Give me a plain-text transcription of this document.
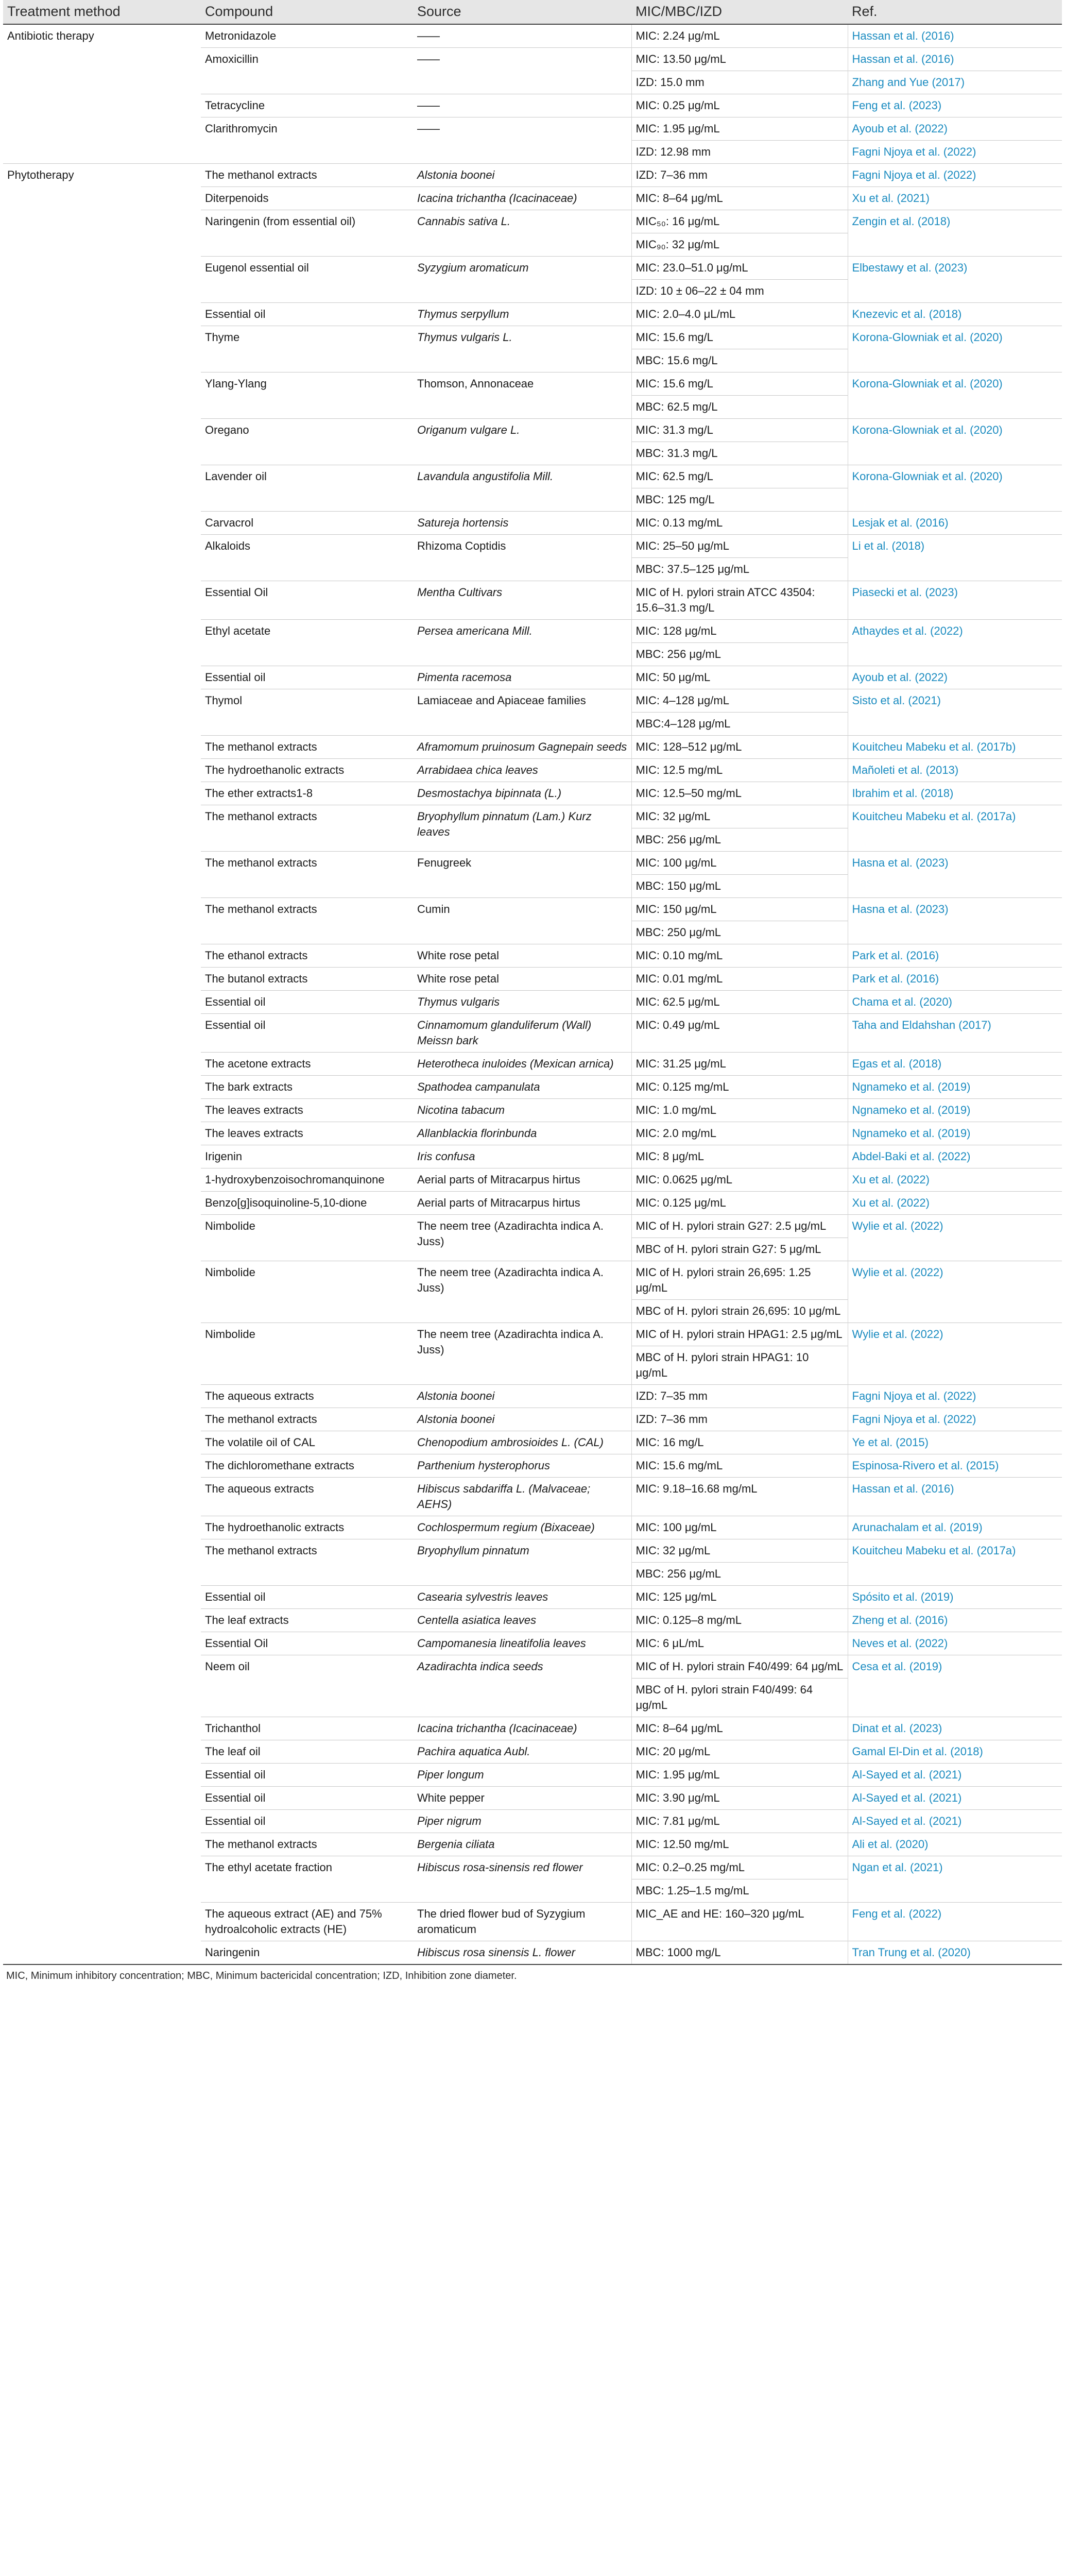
Treatment method	Compound	Source	MIC/MBC/IZD	Ref.
Antibiotic therapy	Metronidazole	——	MIC: 2.24 μg/mL	Hassan et al. (2016)
	Amoxicillin	——	MIC: 13.50 μg/mL	Hassan et al. (2016)
			IZD: 15.0 mm	Zhang and Yue (2017)
	Tetracycline	——	MIC: 0.25 μg/mL	Feng et al. (2023)
	Clarithromycin	——	MIC: 1.95 μg/mL	Ayoub et al. (2022)
			IZD: 12.98 mm	Fagni Njoya et al. (2022)
Phytotherapy	The methanol extracts	Alstonia boonei	IZD: 7–36 mm	Fagni Njoya et al. (2022)
	Diterpenoids	Icacina trichantha (Icacinaceae)	MIC: 8–64 μg/mL	Xu et al. (2021)
	Naringenin (from essential oil)	Cannabis sativa L.	MIC₅₀: 16 μg/mL	Zengin et al. (2018)
			MIC₉₀: 32 μg/mL	
	Eugenol essential oil	Syzygium aromaticum	MIC: 23.0–51.0 μg/mL	Elbestawy et al. (2023)
			IZD: 10 ± 06–22 ± 04 mm	
	Essential oil	Thymus serpyllum	MIC: 2.0–4.0 μL/mL	Knezevic et al. (2018)
	Thyme	Thymus vulgaris L.	MIC: 15.6 mg/L	Korona-Glowniak et al. (2020)
			MBC: 15.6 mg/L	
	Ylang-Ylang	Thomson, Annonaceae	MIC: 15.6 mg/L	Korona-Glowniak et al. (2020)
			MBC: 62.5 mg/L	
	Oregano	Origanum vulgare L.	MIC: 31.3 mg/L	Korona-Glowniak et al. (2020)
			MBC: 31.3 mg/L	
	Lavender oil	Lavandula angustifolia Mill.	MIC: 62.5 mg/L	Korona-Glowniak et al. (2020)
			MBC: 125 mg/L	
	Carvacrol	Satureja hortensis	MIC: 0.13 mg/mL	Lesjak et al. (2016)
	Alkaloids	Rhizoma Coptidis	MIC: 25–50 μg/mL	Li et al. (2018)
			MBC: 37.5–125 μg/mL	
	Essential Oil	Mentha Cultivars	MIC of H. pylori strain ATCC 43504: 15.6–31.3 mg/L	Piasecki et al. (2023)
	Ethyl acetate	Persea americana Mill.	MIC: 128 μg/mL	Athaydes et al. (2022)
			MBC: 256 μg/mL	
	Essential oil	Pimenta racemosa	MIC: 50 μg/mL	Ayoub et al. (2022)
	Thymol	Lamiaceae and Apiaceae families	MIC: 4–128 μg/mL	Sisto et al. (2021)
			MBC:4–128 μg/mL	
	The methanol extracts	Aframomum pruinosum Gagnepain seeds	MIC: 128–512 μg/mL	Kouitcheu Mabeku et al. (2017b)
	The hydroethanolic extracts	Arrabidaea chica leaves	MIC: 12.5 mg/mL	Mañoleti et al. (2013)
	The ether extracts1-8	Desmostachya bipinnata (L.)	MIC: 12.5–50 mg/mL	Ibrahim et al. (2018)
	The methanol extracts	Bryophyllum pinnatum (Lam.) Kurz leaves	MIC: 32 μg/mL	Kouitcheu Mabeku et al. (2017a)
			MBC: 256 μg/mL	
	The methanol extracts	Fenugreek	MIC: 100 μg/mL	Hasna et al. (2023)
			MBC: 150 μg/mL	
	The methanol extracts	Cumin	MIC: 150 μg/mL	Hasna et al. (2023)
			MBC: 250 μg/mL	
	The ethanol extracts	White rose petal	MIC: 0.10 mg/mL	Park et al. (2016)
	The butanol extracts	White rose petal	MIC: 0.01 mg/mL	Park et al. (2016)
	Essential oil	Thymus vulgaris	MIC: 62.5 μg/mL	Chama et al. (2020)
	Essential oil	Cinnamomum glanduliferum (Wall) Meissn bark	MIC: 0.49 μg/mL	Taha and Eldahshan (2017)
	The acetone extracts	Heterotheca inuloides (Mexican arnica)	MIC: 31.25 μg/mL	Egas et al. (2018)
	The bark extracts	Spathodea campanulata	MIC: 0.125 mg/mL	Ngnameko et al. (2019)
	The leaves extracts	Nicotina tabacum	MIC: 1.0 mg/mL	Ngnameko et al. (2019)
	The leaves extracts	Allanblackia florinbunda	MIC: 2.0 mg/mL	Ngnameko et al. (2019)
	Irigenin	Iris confusa	MIC: 8 μg/mL	Abdel-Baki et al. (2022)
	1-hydroxybenzoisochromanquinone	Aerial parts of Mitracarpus hirtus	MIC: 0.0625 μg/mL	Xu et al. (2022)
	Benzo[g]isoquinoline-5,10-dione	Aerial parts of Mitracarpus hirtus	MIC: 0.125 μg/mL	Xu et al. (2022)
	Nimbolide	The neem tree (Azadirachta indica A. Juss)	MIC of H. pylori strain G27: 2.5 μg/mL	Wylie et al. (2022)
			MBC of H. pylori strain G27: 5 μg/mL	
	Nimbolide	The neem tree (Azadirachta indica A. Juss)	MIC of H. pylori strain 26,695: 1.25 μg/mL	Wylie et al. (2022)
			MBC of H. pylori strain 26,695: 10 μg/mL	
	Nimbolide	The neem tree (Azadirachta indica A. Juss)	MIC of H. pylori strain HPAG1: 2.5 μg/mL	Wylie et al. (2022)
			MBC of H. pylori strain HPAG1: 10 μg/mL	
	The aqueous extracts	Alstonia boonei	IZD: 7–35 mm	Fagni Njoya et al. (2022)
	The methanol extracts	Alstonia boonei	IZD: 7–36 mm	Fagni Njoya et al. (2022)
	The volatile oil of CAL	Chenopodium ambrosioides L. (CAL)	MIC: 16 mg/L	Ye et al. (2015)
	The dichloromethane extracts	Parthenium hysterophorus	MIC: 15.6 mg/mL	Espinosa-Rivero et al. (2015)
	The aqueous extracts	Hibiscus sabdariffa L. (Malvaceae; AEHS)	MIC: 9.18–16.68 mg/mL	Hassan et al. (2016)
	The hydroethanolic extracts	Cochlospermum regium (Bixaceae)	MIC: 100 μg/mL	Arunachalam et al. (2019)
	The methanol extracts	Bryophyllum pinnatum	MIC: 32 μg/mL	Kouitcheu Mabeku et al. (2017a)
			MBC: 256 μg/mL	
	Essential oil	Casearia sylvestris leaves	MIC: 125 μg/mL	Spósito et al. (2019)
	The leaf extracts	Centella asiatica leaves	MIC: 0.125–8 mg/mL	Zheng et al. (2016)
	Essential Oil	Campomanesia lineatifolia leaves	MIC: 6 μL/mL	Neves et al. (2022)
	Neem oil	Azadirachta indica seeds	MIC of H. pylori strain F40/499: 64 μg/mL	Cesa et al. (2019)
			MBC of H. pylori strain F40/499: 64 μg/mL	
	Trichanthol	Icacina trichantha (Icacinaceae)	MIC: 8–64 μg/mL	Dinat et al. (2023)
	The leaf oil	Pachira aquatica Aubl.	MIC: 20 μg/mL	Gamal El-Din et al. (2018)
	Essential oil	Piper longum	MIC: 1.95 μg/mL	Al-Sayed et al. (2021)
	Essential oil	White pepper	MIC: 3.90 μg/mL	Al-Sayed et al. (2021)
	Essential oil	Piper nigrum	MIC: 7.81 μg/mL	Al-Sayed et al. (2021)
	The methanol extracts	Bergenia ciliata	MIC: 12.50 mg/mL	Ali et al. (2020)
	The ethyl acetate fraction	Hibiscus rosa-sinensis red flower	MIC: 0.2–0.25 mg/mL	Ngan et al. (2021)
			MBC: 1.25–1.5 mg/mL	
	The aqueous extract (AE) and 75% hydroalcoholic extracts (HE)	The dried flower bud of Syzygium aromaticum	MIC_AE and HE: 160–320 μg/mL	Feng et al. (2022)
	Naringenin	Hibiscus rosa sinensis L. flower	MBC: 1000 mg/L	Tran Trung et al. (2020)
MIC, Minimum inhibitory concentration; MBC, Minimum bactericidal concentration; IZD, Inhibition zone diameter.
